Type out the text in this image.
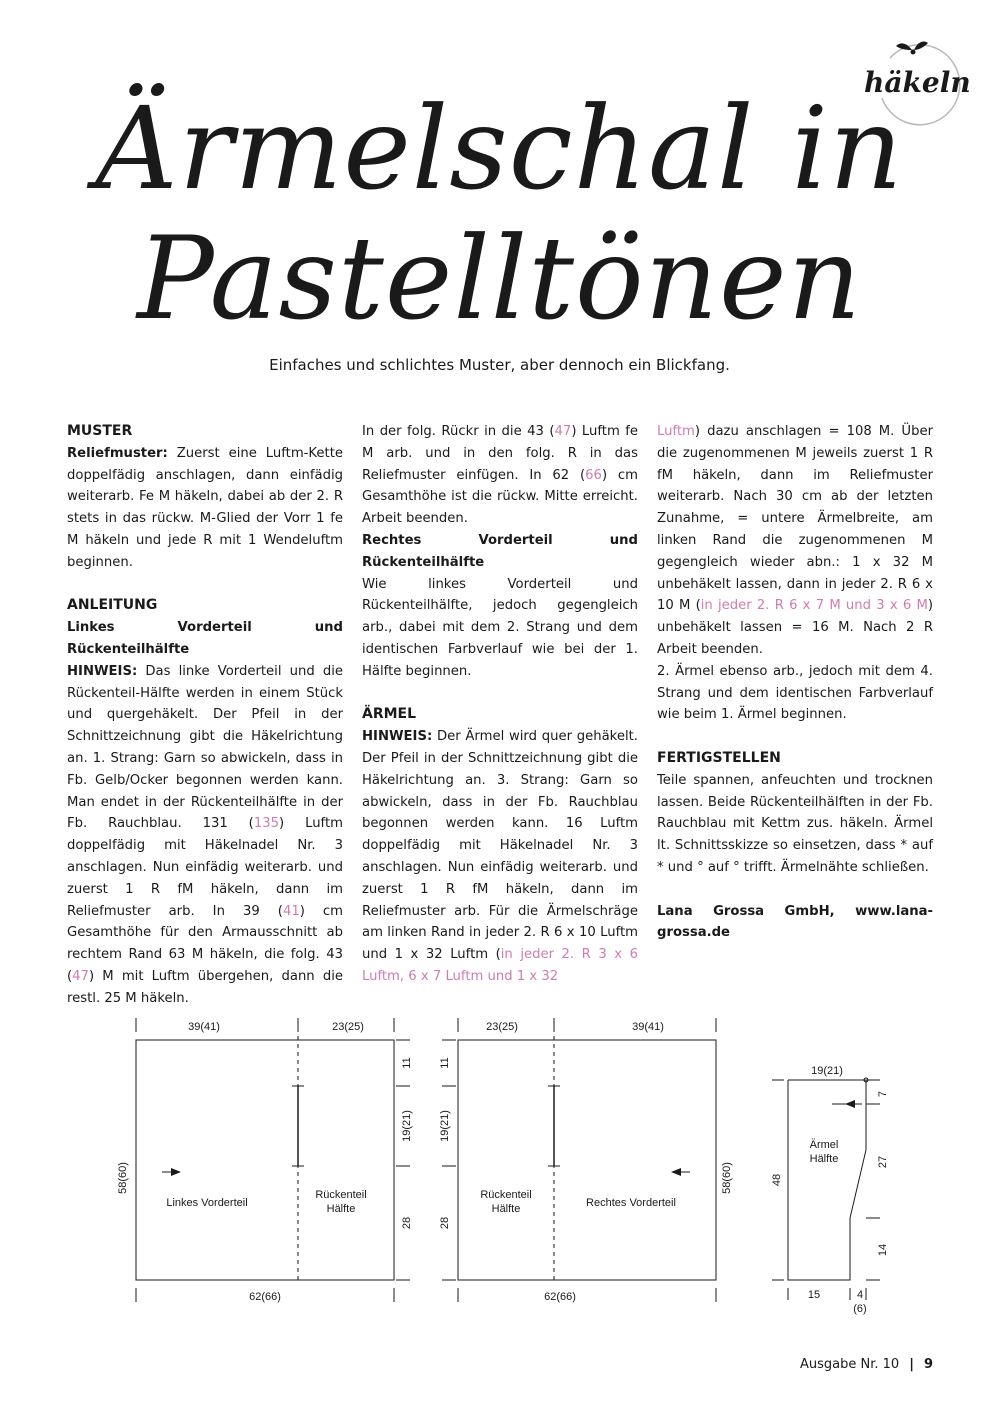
Ärmelschal in
Pastelltönen
häkeln
Einfaches und schlichtes Muster, aber dennoch ein Blickfang.

MUSTER

Reliefmuster: Zuerst eine Luftm-Kette doppelfädig anschlagen, dann einfädig weiterarb. Fe M häkeln, dabei ab der 2. R stets in das rückw. M-Glied der Vorr 1 fe M häkeln und jede R mit 1 Wendeluftm beginnen.

ANLEITUNG

Linkes Vorderteil und Rückenteilhälfte

HINWEIS: Das linke Vorderteil und die Rückenteil-Hälfte werden in einem Stück und quergehäkelt. Der Pfeil in der Schnittzeichnung gibt die Häkelrichtung an. 1. Strang: Garn so abwickeln, dass in Fb. Gelb/Ocker begonnen werden kann. Man endet in der Rückenteilhälfte in der Fb. Rauchblau. 131 (135) Luftm doppelfädig mit Häkelnadel Nr. 3 anschlagen. Nun einfädig weiterarb. und zuerst 1 R fM häkeln, dann im Reliefmuster arb. In 39 (41) cm Gesamthöhe für den Armausschnitt ab rechtem Rand 63 M häkeln, die folg. 43 (47) M mit Luftm übergehen, dann die restl. 25 M häkeln.

In der folg. Rückr in die 43 (47) Luftm fe M arb. und in den folg. R in das Reliefmuster einfügen. In 62 (66) cm Gesamthöhe ist die rückw. Mitte erreicht. Arbeit beenden.

Rechtes Vorderteil und Rückenteilhälfte

Wie linkes Vorderteil und Rückenteilhälfte, jedoch gegengleich arb., dabei mit dem 2. Strang und dem identischen Farbverlauf wie bei der 1. Hälfte beginnen.

ÄRMEL

HINWEIS: Der Ärmel wird quer gehäkelt. Der Pfeil in der Schnittzeichnung gibt die Häkelrichtung an. 3. Strang: Garn so abwickeln, dass in der Fb. Rauchblau begonnen werden kann. 16 Luftm doppelfädig mit Häkelnadel Nr. 3 anschlagen. Nun einfädig weiterarb. und zuerst 1 R fM häkeln, dann im Reliefmuster arb. Für die Ärmelschräge am linken Rand in jeder 2. R 6 x 10 Luftm und 1 x 32 Luftm (in jeder 2. R 3 x 6 Luftm, 6 x 7 Luftm und 1 x 32

Luftm) dazu anschlagen = 108 M. Über die zugenommenen M jeweils zuerst 1 R fM häkeln, dann im Reliefmuster weiterarb. Nach 30 cm ab der letzten Zunahme, = untere Ärmelbreite, am linken Rand die zugenommenen M gegengleich wieder abn.: 1 x 32 M unbehäkelt lassen, dann in jeder 2. R 6 x 10 M (in jeder 2. R 6 x 7 M und 3 x 6 M) unbehäkelt lassen = 16 M. Nach 2 R Arbeit beenden.

2. Ärmel ebenso arb., jedoch mit dem 4. Strang und dem identischen Farbverlauf wie beim 1. Ärmel beginnen.

FERTIGSTELLEN

Teile spannen, anfeuchten und trocknen lassen. Beide Rückenteilhälften in der Fb. Rauchblau mit Kettm zus. häkeln. Ärmel lt. Schnittsskizze so einsetzen, dass * auf * und ° auf ° trifft. Ärmelnähte schließen.

Lana Grossa GmbH, www.lana-grossa.de

39(41)	23(25)
62(66)
58(60)
11
19(21)
28
Linkes Vorderteil
Rückenteil
Hälfte
23(25)	39(41)
62(66)
11
19(21)
28
58(60)
Rechtes Vorderteil
Rückenteil
Hälfte
19(21)
7
27
14
48
15	4
(6)
Ärmel
Hälfte
Ausgabe Nr. 10 | 9
